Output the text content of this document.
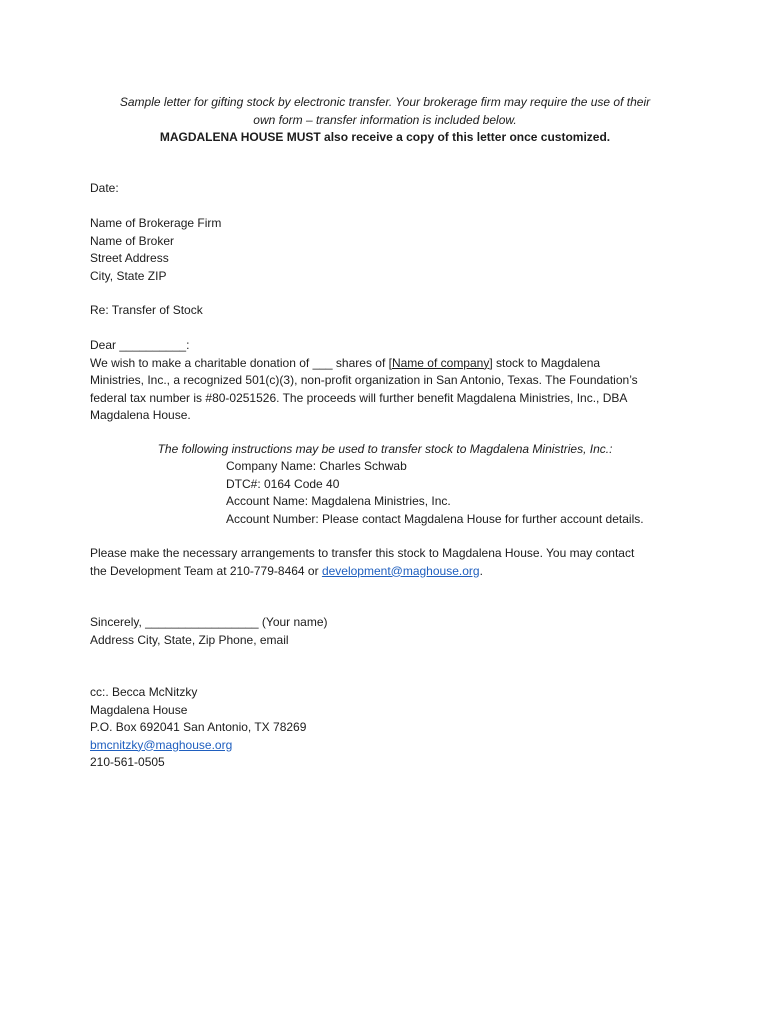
Sample letter for gifting stock by electronic transfer. Your brokerage firm may require the use of their
own form – transfer information is included below.
MAGDALENA HOUSE MUST also receive a copy of this letter once customized.
Date:
Name of Brokerage Firm
Name of Broker
Street Address
City, State ZIP
Re: Transfer of Stock
Dear __________:
We wish to make a charitable donation of ___ shares of [Name of company] stock to Magdalena
Ministries, Inc., a recognized 501(c)(3), non-profit organization in San Antonio, Texas. The Foundation’s
federal tax number is #80-0251526. The proceeds will further benefit Magdalena Ministries, Inc., DBA
Magdalena House.
The following instructions may be used to transfer stock to Magdalena Ministries, Inc.:
Company Name: Charles Schwab
DTC#: 0164 Code 40
Account Name: Magdalena Ministries, Inc.
Account Number: Please contact Magdalena House for further account details.
Please make the necessary arrangements to transfer this stock to Magdalena House. You may contact
the Development Team at 210-779-8464 or development@maghouse.org.
Sincerely, _________________ (Your name)
Address City, State, Zip Phone, email
cc:. Becca McNitzky
Magdalena House
P.O. Box 692041 San Antonio, TX 78269
bmcnitzky@maghouse.org
210-561-0505
